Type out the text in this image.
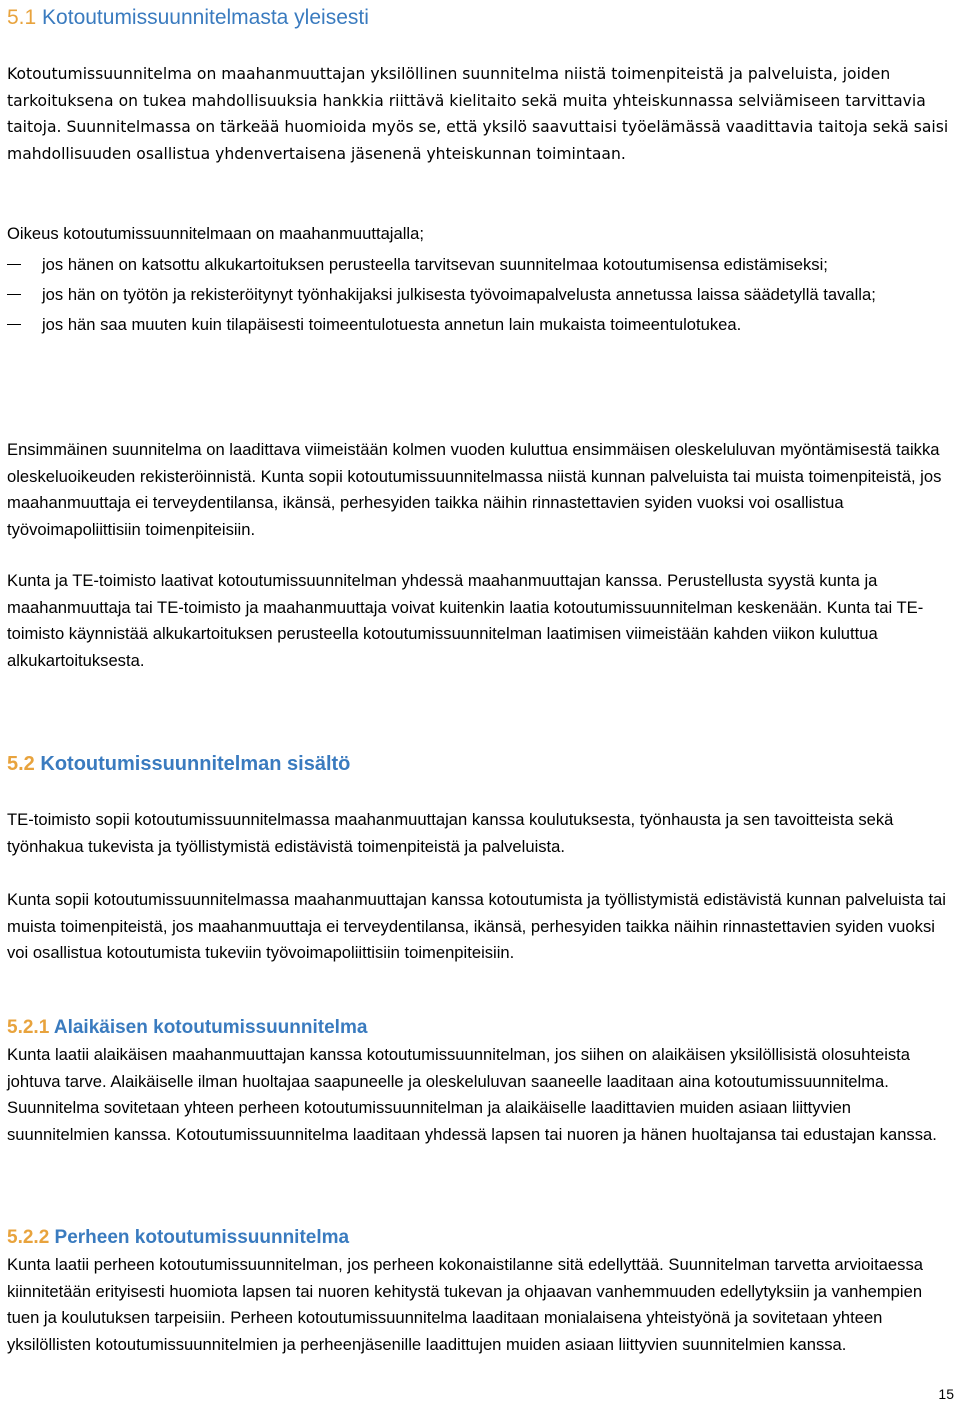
5.1 Kotoutumissuunnitelmasta yleisesti

Kotoutumissuunnitelma on maahanmuuttajan yksilöllinen suunnitelma niistä toimenpiteistä ja palveluista, joiden tarkoituksena on tukea mahdollisuuksia hankkia riittävä kielitaito sekä muita yhteiskunnassa selviämiseen tarvittavia taitoja. Suunnitelmassa on tärkeää huomioida myös se, että yksilö saavuttaisi työelämässä vaadittavia taitoja sekä saisi mahdollisuuden osallistua yhdenvertaisena jäsenenä yhteiskunnan toimintaan.

Oikeus kotoutumissuunnitelmaan on maahanmuuttajalla;

jos hänen on katsottu alkukartoituksen perusteella tarvitsevan suunnitelmaa kotoutumisensa edistämiseksi;
jos hän on työtön ja rekisteröitynyt työnhakijaksi julkisesta työvoimapalvelusta annetussa laissa säädetyllä tavalla;
jos hän saa muuten kuin tilapäisesti toimeentulotuesta annetun lain mukaista toimeentulotukea.

Ensimmäinen suunnitelma on laadittava viimeistään kolmen vuoden kuluttua ensimmäisen oleskeluluvan myöntämisestä taikka oleskeluoikeuden rekisteröinnistä. Kunta sopii kotoutumissuunnitelmassa niistä kunnan palveluista tai muista toimenpiteistä, jos maahanmuuttaja ei terveydentilansa, ikänsä, perhesyiden taikka näihin rinnastettavien syiden vuoksi voi osallistua työvoimapoliittisiin toimenpiteisiin.

Kunta ja TE-toimisto laativat kotoutumissuunnitelman yhdessä maahanmuuttajan kanssa. Perustellusta syystä kunta ja maahanmuuttaja tai TE-toimisto ja maahanmuuttaja voivat kuitenkin laatia kotoutumissuunnitelman keskenään. Kunta tai TE-toimisto käynnistää alkukartoituksen perusteella kotoutumissuunnitelman laatimisen viimeistään kahden viikon kuluttua alkukartoituksesta.

5.2 Kotoutumissuunnitelman sisältö

TE-toimisto sopii kotoutumissuunnitelmassa maahanmuuttajan kanssa koulutuksesta, työnhausta ja sen tavoitteista sekä työnhakua tukevista ja työllistymistä edistävistä toimenpiteistä ja palveluista.

Kunta sopii kotoutumissuunnitelmassa maahanmuuttajan kanssa kotoutumista ja työllistymistä edistävistä kunnan palveluista tai muista toimenpiteistä, jos maahanmuuttaja ei terveydentilansa, ikänsä, perhesyiden taikka näihin rinnastettavien syiden vuoksi voi osallistua kotoutumista tukeviin työvoimapoliittisiin toimenpiteisiin.

5.2.1 Alaikäisen kotoutumissuunnitelma

Kunta laatii alaikäisen maahanmuuttajan kanssa kotoutumissuunnitelman, jos siihen on alaikäisen yksilöllisistä olosuhteista johtuva tarve. Alaikäiselle ilman huoltajaa saapuneelle ja oleskeluluvan saaneelle laaditaan aina kotoutumissuunnitelma. Suunnitelma sovitetaan yhteen perheen kotoutumissuunnitelman ja alaikäiselle laadittavien muiden asiaan liittyvien suunnitelmien kanssa. Kotoutumissuunnitelma laaditaan yhdessä lapsen tai nuoren ja hänen huoltajansa tai edustajan kanssa.

5.2.2 Perheen kotoutumissuunnitelma

Kunta laatii perheen kotoutumissuunnitelman, jos perheen kokonaistilanne sitä edellyttää. Suunnitelman tarvetta arvioitaessa kiinnitetään erityisesti huomiota lapsen tai nuoren kehitystä tukevan ja ohjaavan vanhemmuuden edellytyksiin ja vanhempien tuen ja koulutuksen tarpeisiin. Perheen kotoutumissuunnitelma laaditaan monialaisena yhteistyönä ja sovitetaan yhteen yksilöllisten kotoutumissuunnitelmien ja perheenjäsenille laadittujen muiden asiaan liittyvien suunnitelmien kanssa.

15
